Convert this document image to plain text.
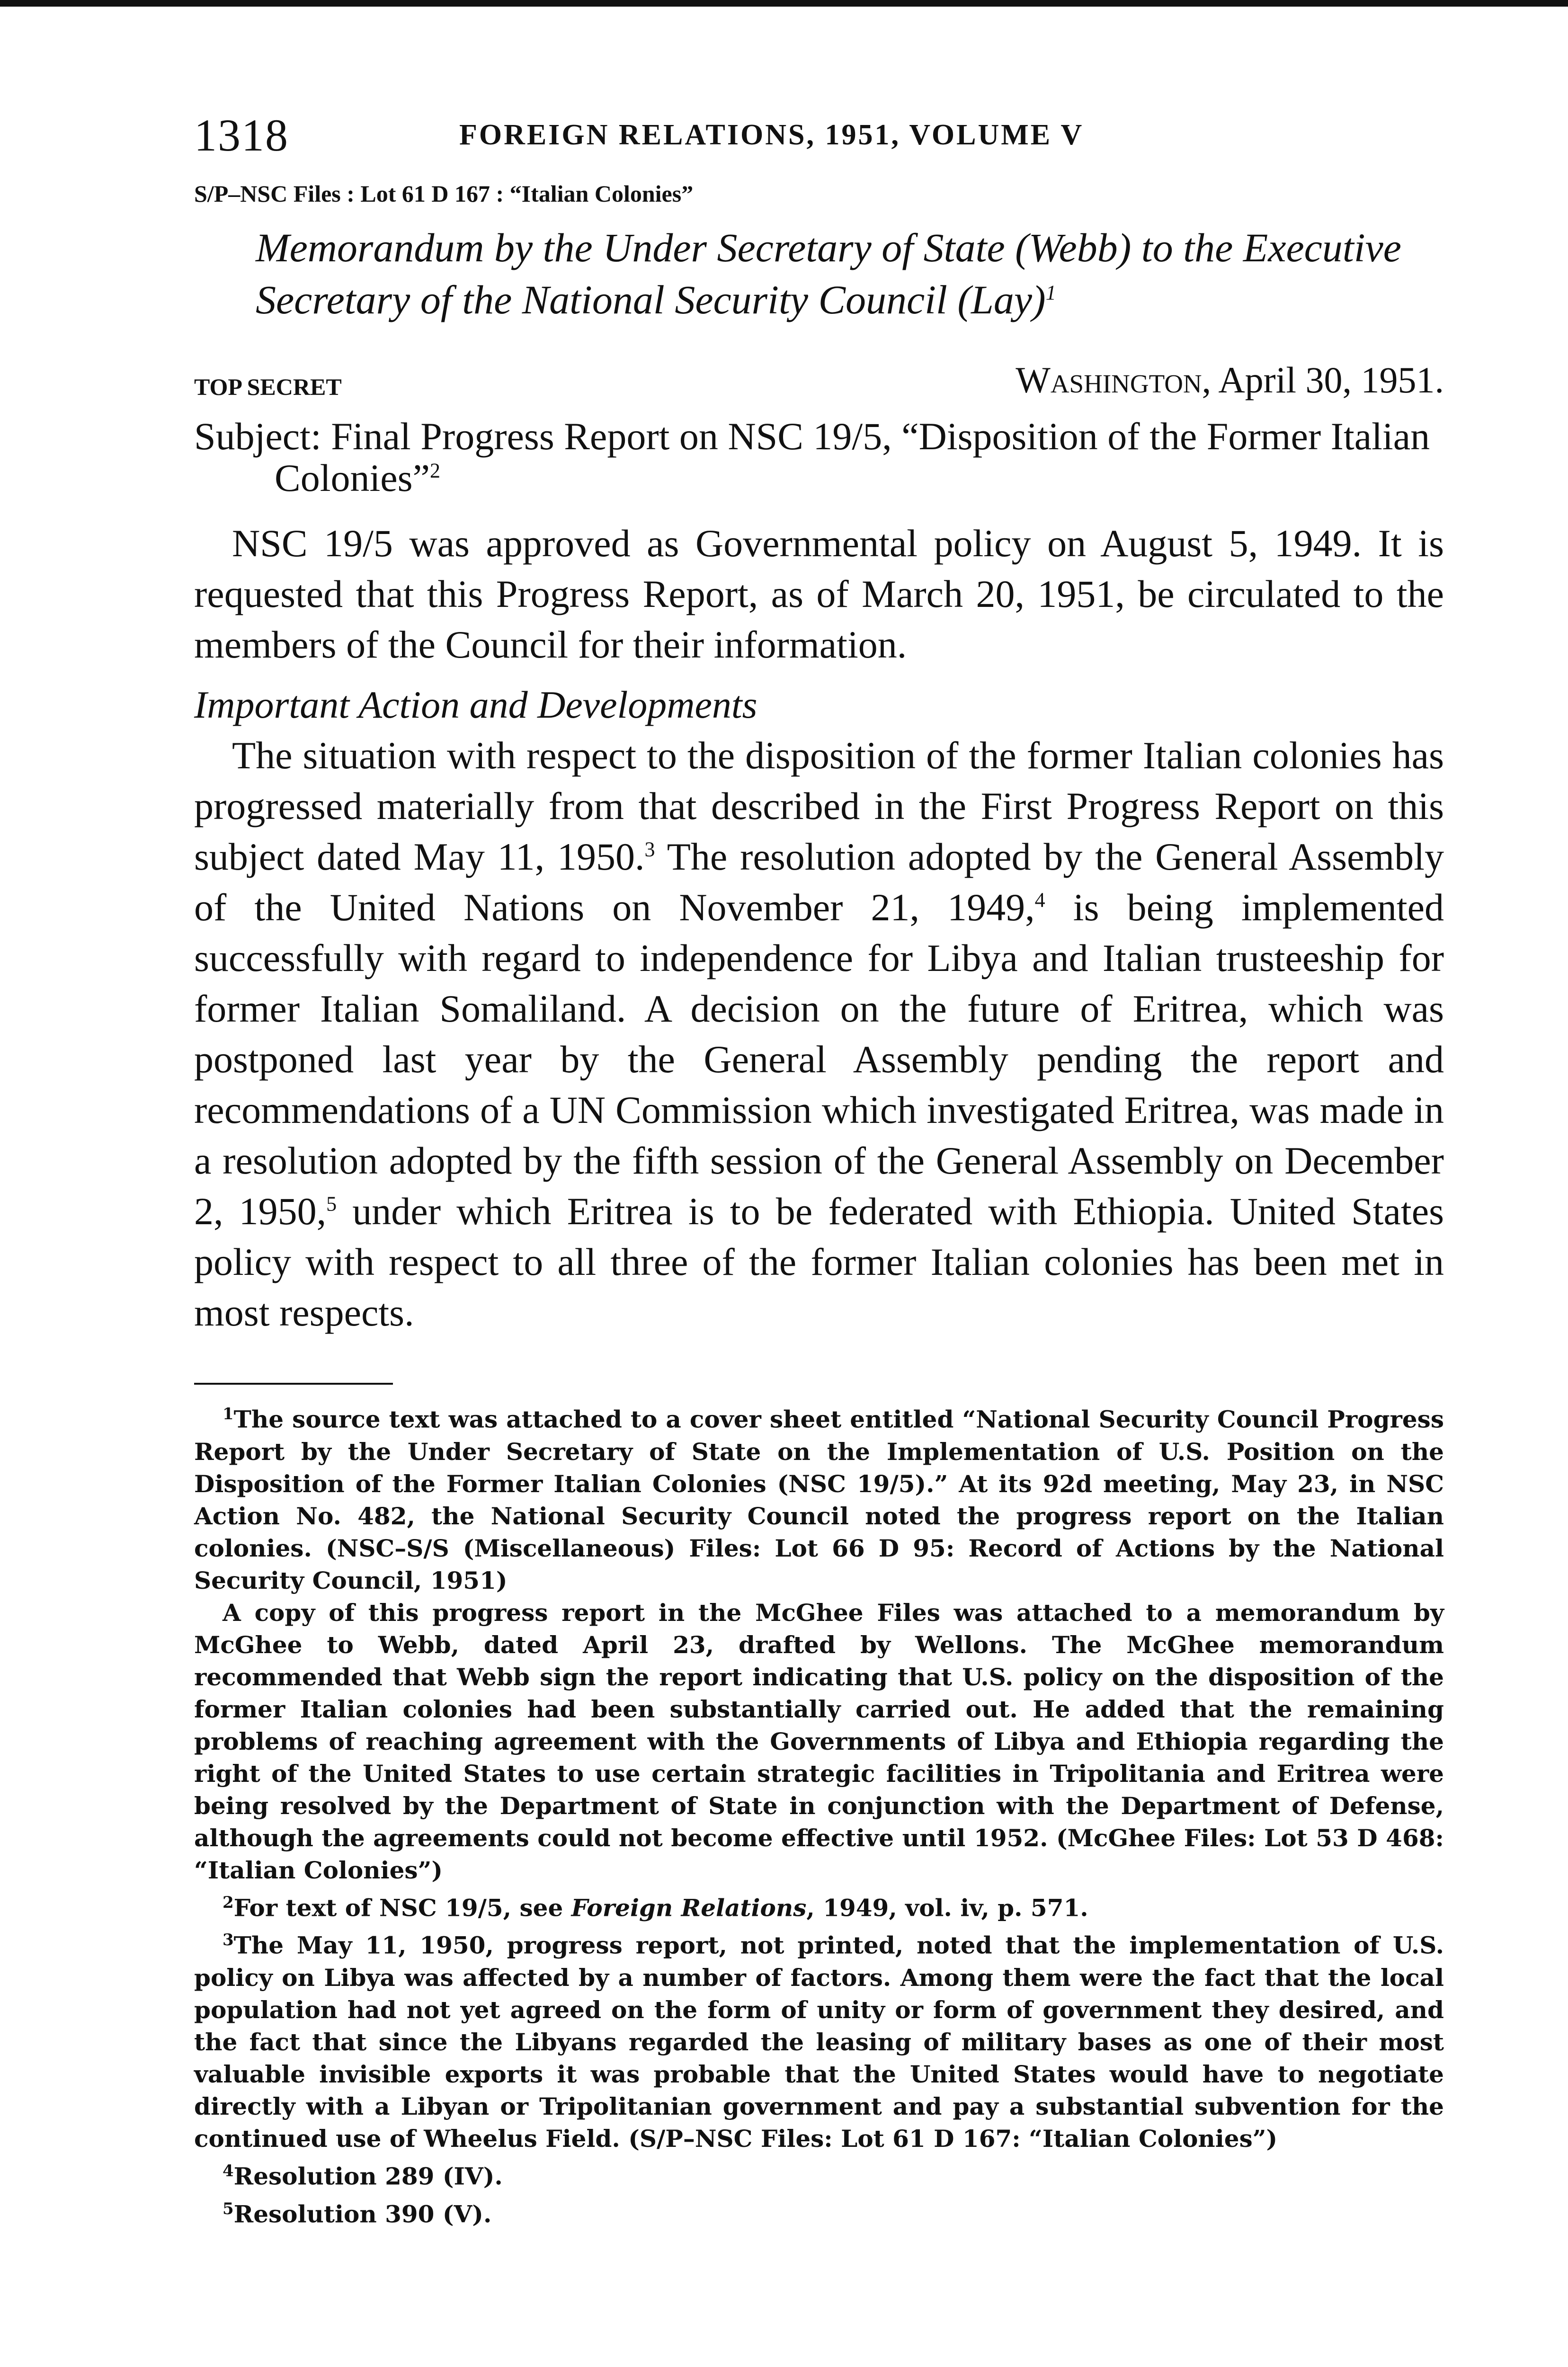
1318	FOREIGN RELATIONS, 1951, VOLUME V
S/P–NSC Files : Lot 61 D 167 : “Italian Colonies”
Memorandum by the Under Secretary of State (Webb) to the Executive Secretary of the National Security Council (Lay)$^1$
TOP SECRET	Washington, April 30, 1951.
Subject: Final Progress Report on NSC 19/5, “Disposition of the Former Italian Colonies”$^2$

NSC 19/5 was approved as Governmental policy on August 5, 1949. It is requested that this Progress Report, as of March 20, 1951, be circulated to the members of the Council for their information.

Important Action and Developments

The situation with respect to the disposition of the former Italian colonies has progressed materially from that described in the First Progress Report on this subject dated May 11, 1950.$^3$ The resolution adopted by the General Assembly of the United Nations on November 21, 1949,$^4$ is being implemented successfully with regard to independence for Libya and Italian trusteeship for former Italian Somaliland. A decision on the future of Eritrea, which was postponed last year by the General Assembly pending the report and recommendations of a UN Commission which investigated Eritrea, was made in a resolution adopted by the fifth session of the General Assembly on December 2, 1950,$^5$ under which Eritrea is to be federated with Ethiopia. United States policy with respect to all three of the former Italian colonies has been met in most respects.

$^1$The source text was attached to a cover sheet entitled “National Security Council Progress Report by the Under Secretary of State on the Implementation of U.S. Position on the Disposition of the Former Italian Colonies (NSC 19/5).” At its 92d meeting, May 23, in NSC Action No. 482, the National Security Council noted the progress report on the Italian colonies. (NSC–S/S (Miscellaneous) Files: Lot 66 D 95: Record of Actions by the National Security Council, 1951)

A copy of this progress report in the McGhee Files was attached to a memorandum by McGhee to Webb, dated April 23, drafted by Wellons. The McGhee memorandum recommended that Webb sign the report indicating that U.S. policy on the disposition of the former Italian colonies had been substantially carried out. He added that the remaining problems of reaching agreement with the Governments of Libya and Ethiopia regarding the right of the United States to use certain strategic facilities in Tripolitania and Eritrea were being resolved by the Department of State in conjunction with the Department of Defense, although the agreements could not become effective until 1952. (McGhee Files: Lot 53 D 468: “Italian Colonies”)

$^2$For text of NSC 19/5, see Foreign Relations, 1949, vol. iv, p. 571.

$^3$The May 11, 1950, progress report, not printed, noted that the implementation of U.S. policy on Libya was affected by a number of factors. Among them were the fact that the local population had not yet agreed on the form of unity or form of government they desired, and the fact that since the Libyans regarded the leasing of military bases as one of their most valuable invisible exports it was probable that the United States would have to negotiate directly with a Libyan or Tripolitanian government and pay a substantial subvention for the continued use of Wheelus Field. (S/P–NSC Files: Lot 61 D 167: “Italian Colonies”)

$^4$Resolution 289 (IV).

$^5$Resolution 390 (V).
